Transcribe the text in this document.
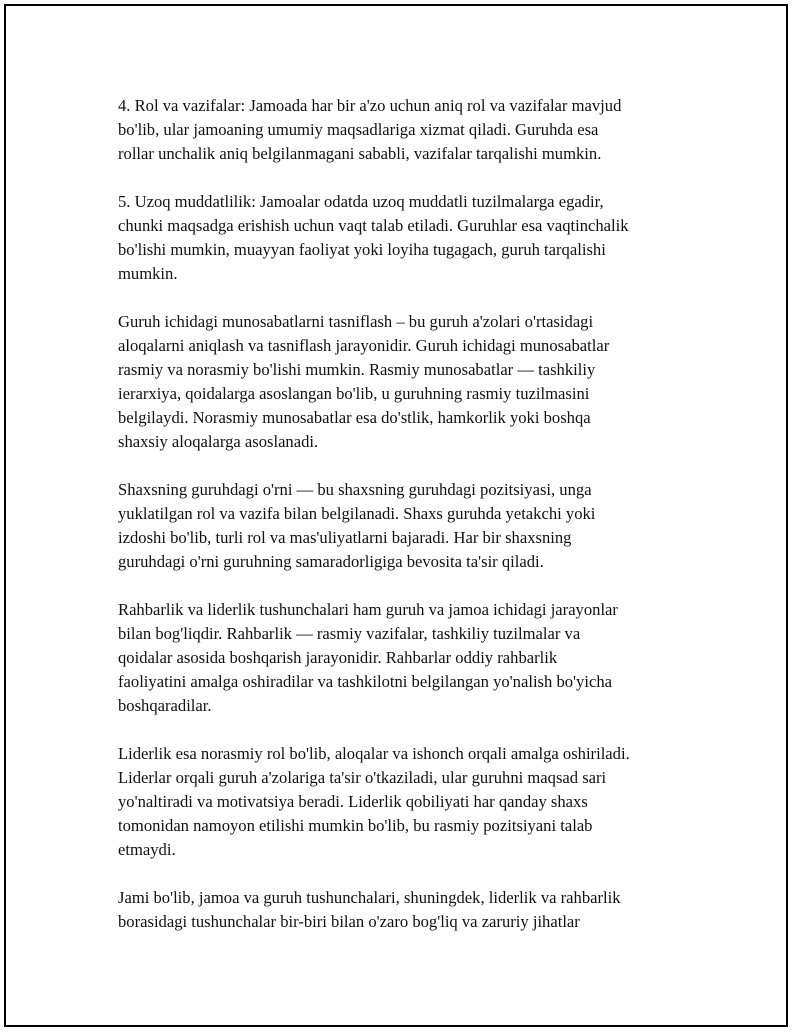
4. Rol va vazifalar: Jamoada har bir a'zo uchun aniq rol va vazifalar mavjud
bo'lib, ular jamoaning umumiy maqsadlariga xizmat qiladi. Guruhda esa
rollar unchalik aniq belgilanmagani sababli, vazifalar tarqalishi mumkin.

5. Uzoq muddatlilik: Jamoalar odatda uzoq muddatli tuzilmalarga egadir,
chunki maqsadga erishish uchun vaqt talab etiladi. Guruhlar esa vaqtinchalik
bo'lishi mumkin, muayyan faoliyat yoki loyiha tugagach, guruh tarqalishi
mumkin.

Guruh ichidagi munosabatlarni tasniflash – bu guruh a'zolari o'rtasidagi
aloqalarni aniqlash va tasniflash jarayonidir. Guruh ichidagi munosabatlar
rasmiy va norasmiy bo'lishi mumkin. Rasmiy munosabatlar — tashkiliy
ierarxiya, qoidalarga asoslangan bo'lib, u guruhning rasmiy tuzilmasini
belgilaydi. Norasmiy munosabatlar esa do'stlik, hamkorlik yoki boshqa
shaxsiy aloqalarga asoslanadi.

Shaxsning guruhdagi o'rni — bu shaxsning guruhdagi pozitsiyasi, unga
yuklatilgan rol va vazifa bilan belgilanadi. Shaxs guruhda yetakchi yoki
izdoshi bo'lib, turli rol va mas'uliyatlarni bajaradi. Har bir shaxsning
guruhdagi o'rni guruhning samaradorligiga bevosita ta'sir qiladi.

Rahbarlik va liderlik tushunchalari ham guruh va jamoa ichidagi jarayonlar
bilan bog'liqdir. Rahbarlik — rasmiy vazifalar, tashkiliy tuzilmalar va
qoidalar asosida boshqarish jarayonidir. Rahbarlar oddiy rahbarlik
faoliyatini amalga oshiradilar va tashkilotni belgilangan yo'nalish bo'yicha
boshqaradilar.

Liderlik esa norasmiy rol bo'lib, aloqalar va ishonch orqali amalga oshiriladi.
Liderlar orqali guruh a'zolariga ta'sir o'tkaziladi, ular guruhni maqsad sari
yo'naltiradi va motivatsiya beradi. Liderlik qobiliyati har qanday shaxs
tomonidan namoyon etilishi mumkin bo'lib, bu rasmiy pozitsiyani talab
etmaydi.

Jami bo'lib, jamoa va guruh tushunchalari, shuningdek, liderlik va rahbarlik
borasidagi tushunchalar bir-biri bilan o'zaro bog'liq va zaruriy jihatlar
